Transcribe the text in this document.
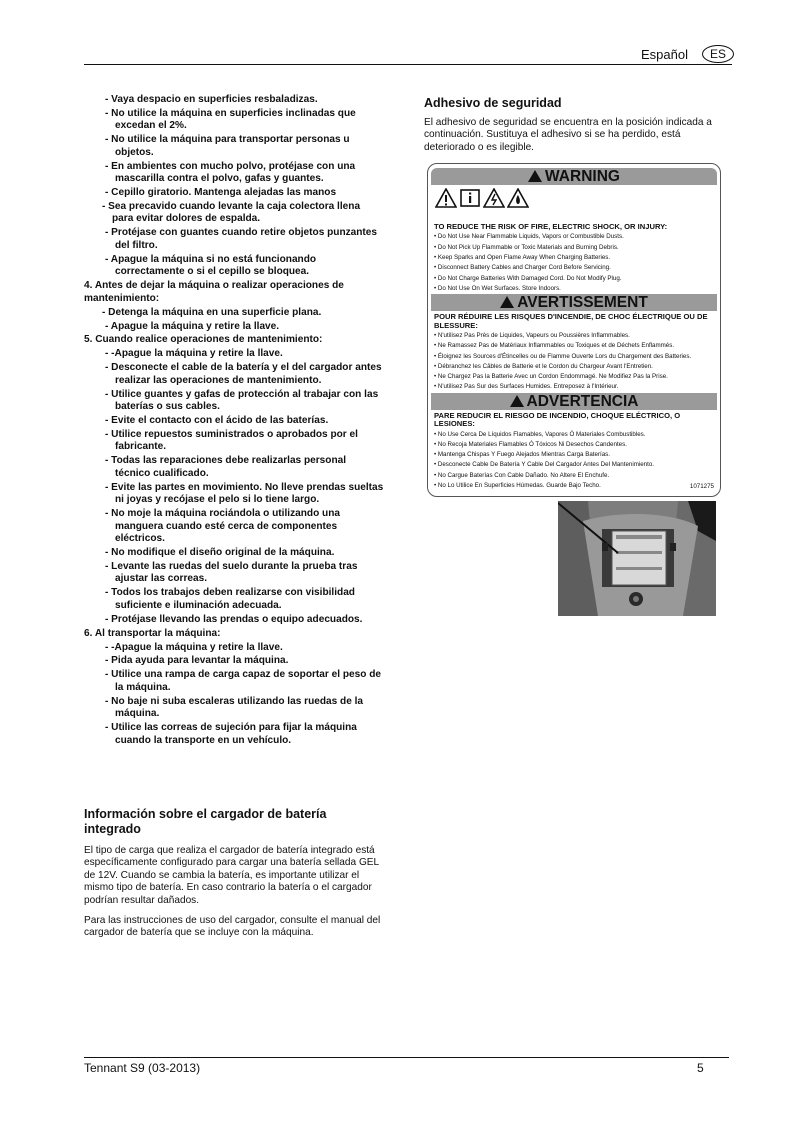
Español	ES
- Vaya despacio en superficies resbaladizas.
- No utilice la máquina en superficies inclinadas que excedan el 2%.
- No utilice la máquina para transportar personas u objetos.
- En ambientes con mucho polvo, protéjase con una mascarilla contra el polvo, gafas y guantes.
- Cepillo giratorio. Mantenga alejadas las manos
- Sea precavido cuando levante la caja colectora llena para evitar dolores de espalda.
- Protéjase con guantes cuando retire objetos punzantes del filtro.
- Apague la máquina si no está funcionando correctamente o si el cepillo se bloquea.
4. Antes de dejar la máquina o realizar operaciones de mantenimiento:
- Detenga la máquina en una superficie plana.
- Apague la máquina y retire la llave.
5. Cuando realice operaciones de mantenimiento:
- -Apague la máquina y retire la llave.
- Desconecte el cable de la batería y el del cargador antes realizar las operaciones de mantenimiento.
- Utilice guantes y gafas de protección al trabajar con las baterías o sus cables.
- Evite el contacto con el ácido de las baterías.
- Utilice repuestos suministrados o aprobados por el fabricante.
- Todas las reparaciones debe realizarlas personal técnico cualificado.
- Evite las partes en movimiento. No lleve prendas sueltas ni joyas y recójase el pelo si lo tiene largo.
- No moje la máquina rociándola o utilizando una manguera cuando esté cerca de componentes eléctricos.
- No modifique el diseño original de la máquina.
- Levante las ruedas del suelo durante la prueba tras ajustar las correas.
- Todos los trabajos deben realizarse con visibilidad suficiente e iluminación adecuada.
- Protéjase llevando las prendas o equipo adecuados.
6. Al transportar la máquina:
- -Apague la máquina y retire la llave.
- Pida ayuda para levantar la máquina.
- Utilice una rampa de carga capaz de soportar el peso de la máquina.
- No baje ni suba escaleras utilizando las ruedas de la máquina.
- Utilice las correas de sujeción para fijar la máquina cuando la transporte en un vehículo.
Información sobre el cargador de batería integrado
El tipo de carga que realiza el cargador de batería integrado está específicamente configurado para cargar una batería sellada GEL de 12V. Cuando se cambia la batería, es importante utilizar el mismo tipo de batería. En caso contrario la batería o el cargador podrían resultar dañados.
Para las instrucciones de uso del cargador, consulte el manual del cargador de batería que se incluye con la máquina.
Adhesivo de seguridad
El adhesivo de seguridad se encuentra en la posición indicada a continuación. Sustituya el adhesivo si se ha perdido, está deteriorado o es ilegible.
WARNING
TO REDUCE THE RISK OF FIRE, ELECTRIC SHOCK, OR INJURY:
• Do Not Use Near Flammable Liquids, Vapors or Combustible Dusts.
• Do Not Pick Up Flammable or Toxic Materials and Burning Debris.
• Keep Sparks and Open Flame Away When Charging Batteries.
• Disconnect Battery Cables and Charger Cord Before Servicing.
• Do Not Charge Batteries With Damaged Cord. Do Not Modify Plug.
• Do Not Use On Wet Surfaces. Store Indoors.
AVERTISSEMENT
POUR RÉDUIRE LES RISQUES D'INCENDIE, DE CHOC ÉLECTRIQUE OU DE BLESSURE:
• N'utilisez Pas Près de Liquides, Vapeurs ou Poussières Inflammables.
• Ne Ramassez Pas de Matériaux Inflammables ou Toxiques et de Déchets Enflammés.
• Éloignez les Sources d'Étincelles ou de Flamme Ouverte Lors du Chargement des Batteries.
• Débranchez les Câbles de Batterie et le Cordon du Chargeur Avant l'Entretien.
• Ne Chargez Pas la Batterie Avec un Cordon Endommagé. Ne Modifiez Pas la Prise.
• N'utilisez Pas Sur des Surfaces Humides. Entreposez à l'Intérieur.
ADVERTENCIA
PARE REDUCIR EL RIESGO DE INCENDIO, CHOQUE ELÉCTRICO, O LESIONES:
• No Use Cerca De Líquidos Flamables, Vapores Ó Materiales Combustibles.
• No Recoja Materiales Flamables Ó Tóxicos Ni Desechos Candentes.
• Mantenga Chispas Y Fuego Alejados Mientras Carga Baterías.
• Desconecte Cable De Batería Y Cable Del Cargador Antes Del Mantenimiento.
• No Cargue Baterías Con Cable Dañado. No Altere El Enchufe.
• No Lo Utilice En Superficies Húmedas. Guarde Bajo Techo.	1071275
Tennant S9 (03-2013)	5
